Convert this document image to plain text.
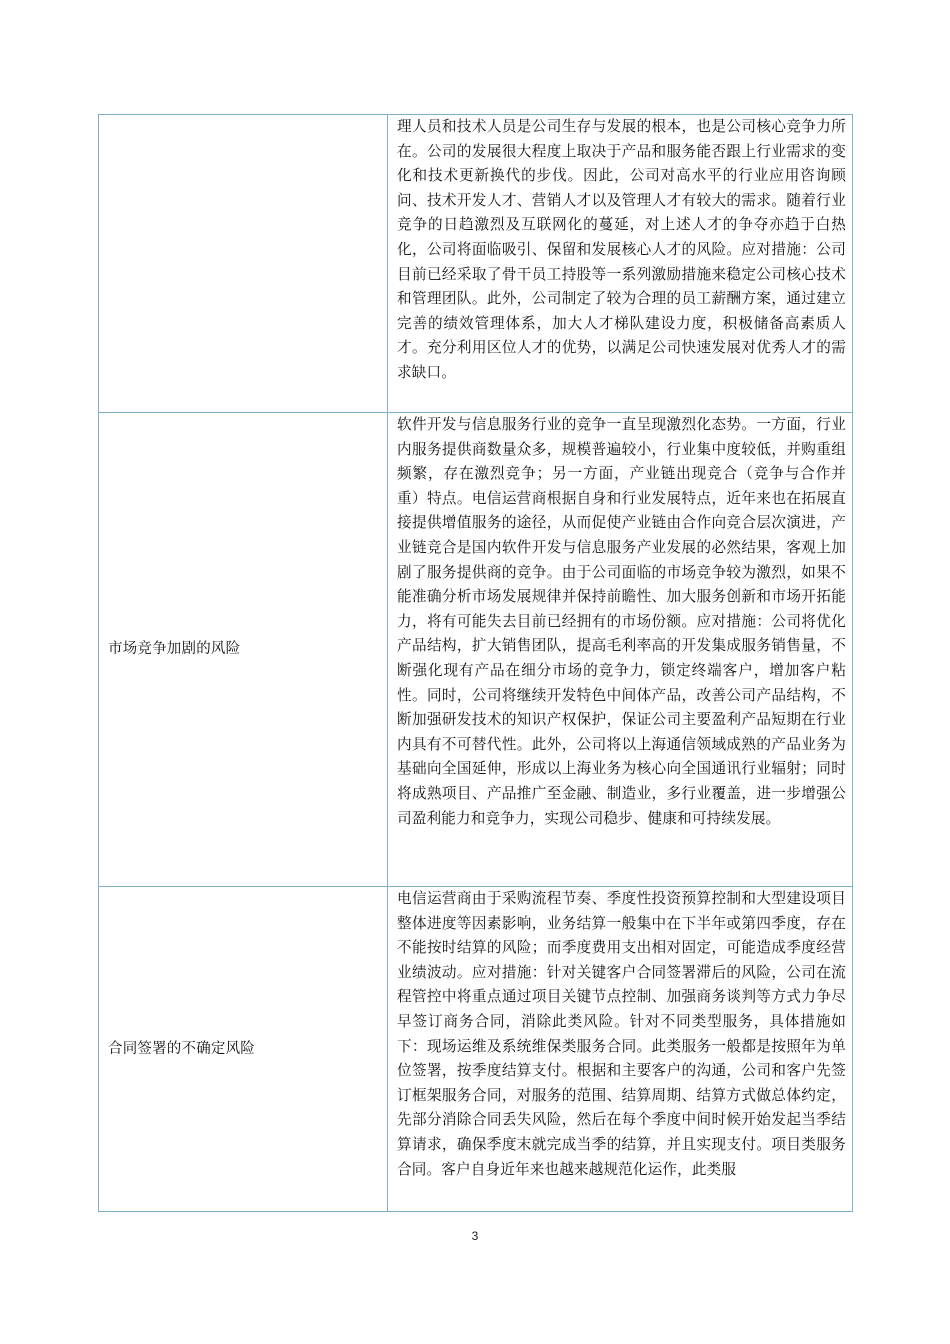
	理人员和技术人员是公司生存与发展的根本，也是公司核心竞争力所在。公司的发展很大程度上取决于产品和服务能否跟上行业需求的变化和技术更新换代的步伐。因此，公司对高水平的行业应用咨询顾问、技术开发人才、营销人才以及管理人才有较大的需求。随着行业竞争的日趋激烈及互联网化的蔓延，对上述人才的争夺亦趋于白热化，公司将面临吸引、保留和发展核心人才的风险。应对措施：公司目前已经采取了骨干员工持股等一系列激励措施来稳定公司核心技术和管理团队。此外，公司制定了较为合理的员工薪酬方案，通过建立完善的绩效管理体系，加大人才梯队建设力度，积极储备高素质人才。充分利用区位人才的优势，以满足公司快速发展对优秀人才的需求缺口。

市场竞争加剧的风险	软件开发与信息服务行业的竞争一直呈现激烈化态势。一方面，行业内服务提供商数量众多，规模普遍较小，行业集中度较低，并购重组频繁，存在激烈竞争；另一方面，产业链出现竞合（竞争与合作并重）特点。电信运营商根据自身和行业发展特点，近年来也在拓展直接提供增值服务的途径，从而促使产业链由合作向竞合层次演进，产业链竞合是国内软件开发与信息服务产业发展的必然结果，客观上加剧了服务提供商的竞争。由于公司面临的市场竞争较为激烈，如果不能准确分析市场发展规律并保持前瞻性、加大服务创新和市场开拓能力，将有可能失去目前已经拥有的市场份额。应对措施：公司将优化产品结构，扩大销售团队，提高毛利率高的开发集成服务销售量，不断强化现有产品在细分市场的竞争力，锁定终端客户，增加客户粘性。同时，公司将继续开发特色中间体产品，改善公司产品结构，不断加强研发技术的知识产权保护，保证公司主要盈利产品短期在行业内具有不可替代性。此外，公司将以上海通信领域成熟的产品业务为基础向全国延伸，形成以上海业务为核心向全国通讯行业辐射；同时将成熟项目、产品推广至金融、制造业，多行业覆盖，进一步增强公司盈利能力和竞争力，实现公司稳步、健康和可持续发展。

合同签署的不确定风险	电信运营商由于采购流程节奏、季度性投资预算控制和大型建设项目整体进度等因素影响，业务结算一般集中在下半年或第四季度，存在不能按时结算的风险；而季度费用支出相对固定，可能造成季度经营业绩波动。应对措施：针对关键客户合同签署滞后的风险，公司在流程管控中将重点通过项目关键节点控制、加强商务谈判等方式力争尽早签订商务合同，消除此类风险。针对不同类型服务，具体措施如下：现场运维及系统维保类服务合同。此类服务一般都是按照年为单位签署，按季度结算支付。根据和主要客户的沟通，公司和客户先签订框架服务合同，对服务的范围、结算周期、结算方式做总体约定，先部分消除合同丢失风险，然后在每个季度中间时候开始发起当季结算请求，确保季度末就完成当季的结算，并且实现支付。项目类服务合同。客户自身近年来也越来越规范化运作，此类服

3
